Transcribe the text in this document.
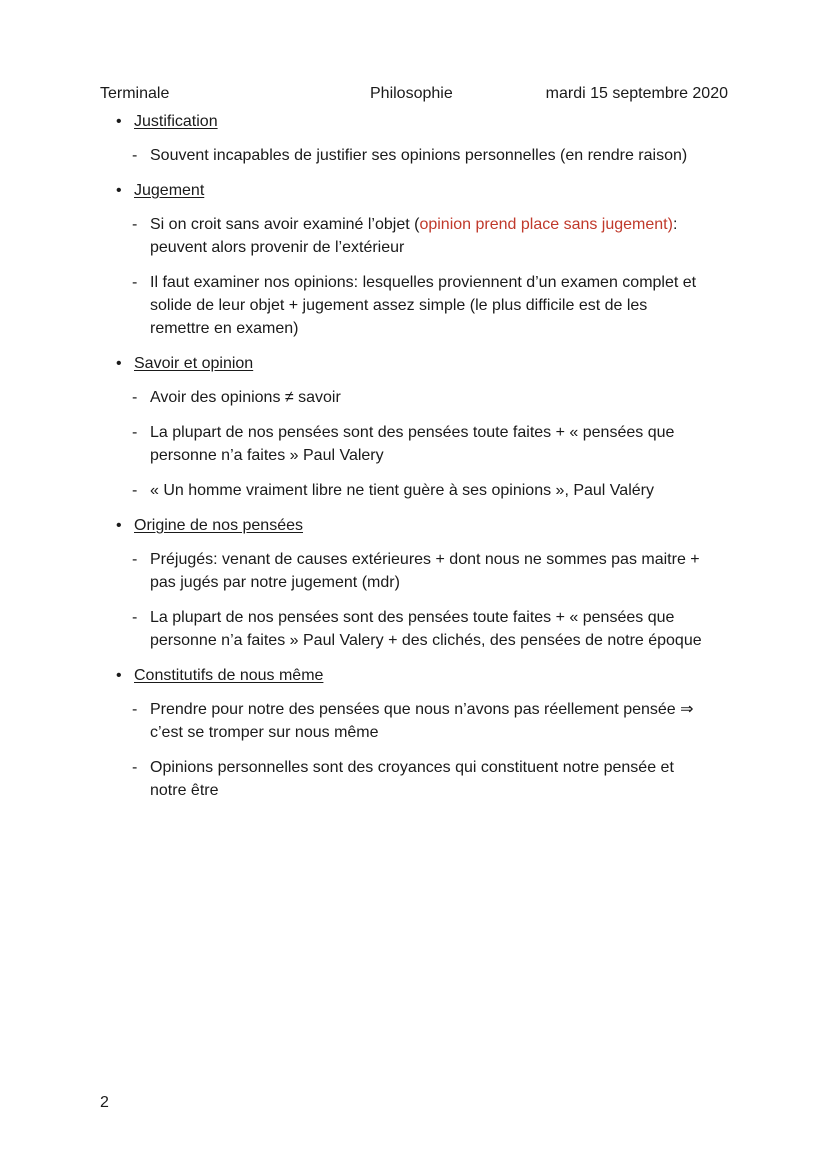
Terminale	Philosophie	mardi 15 septembre 2020
• Justification
- Souvent incapables de justifier ses opinions personnelles (en rendre raison)
• Jugement
- Si on croit sans avoir examiné l’objet (opinion prend place sans jugement):
peuvent alors provenir de l’extérieur
- Il faut examiner nos opinions: lesquelles proviennent d’un examen complet et
solide de leur objet + jugement assez simple (le plus difficile est de les
remettre en examen)
• Savoir et opinion
- Avoir des opinions ≠ savoir
- La plupart de nos pensées sont des pensées toute faites + « pensées que
personne n’a faites » Paul Valery
- « Un homme vraiment libre ne tient guère à ses opinions », Paul Valéry
• Origine de nos pensées
- Préjugés: venant de causes extérieures + dont nous ne sommes pas maitre +
pas jugés par notre jugement (mdr)
- La plupart de nos pensées sont des pensées toute faites + « pensées que
personne n’a faites » Paul Valery + des clichés, des pensées de notre époque
• Constitutifs de nous même
- Prendre pour notre des pensées que nous n’avons pas réellement pensée ⇒
c’est se tromper sur nous même
- Opinions personnelles sont des croyances qui constituent notre pensée et
notre être
2
